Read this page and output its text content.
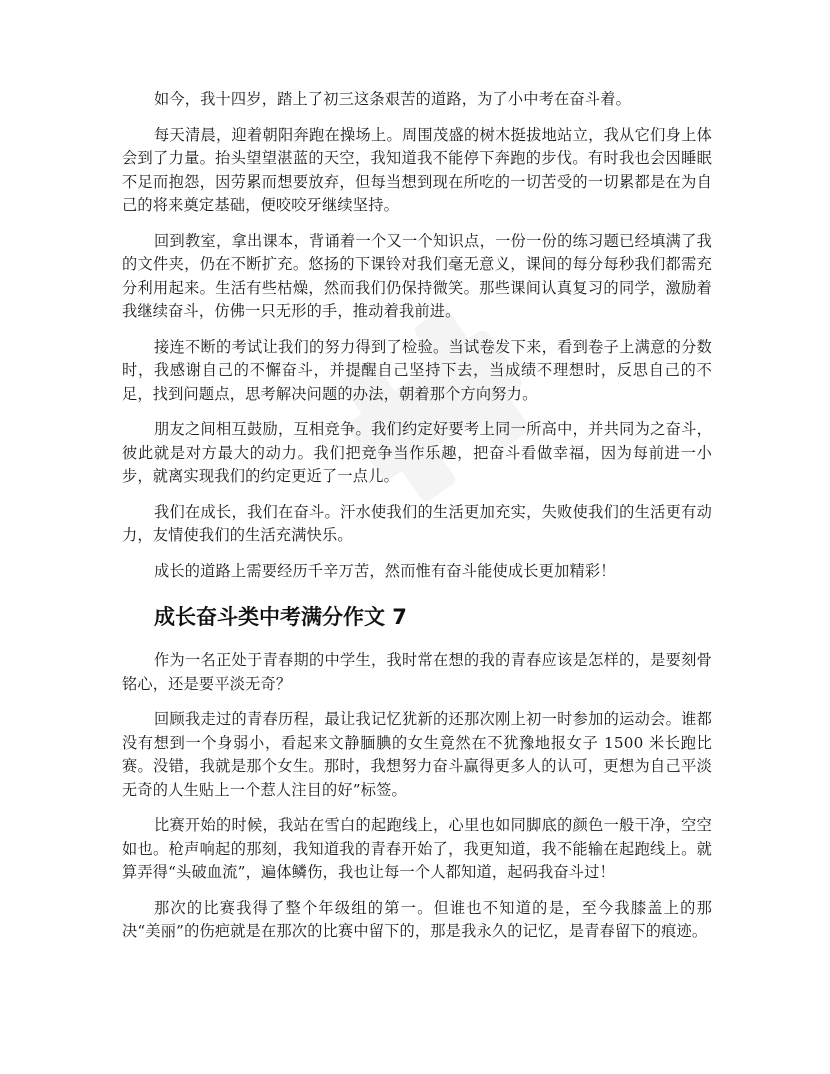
如今，我十四岁，踏上了初三这条艰苦的道路，为了小中考在奋斗着。

每天清晨，迎着朝阳奔跑在操场上。周围茂盛的树木挺拔地站立，我从它们身上体会到了力量。抬头望望湛蓝的天空，我知道我不能停下奔跑的步伐。有时我也会因睡眠不足而抱怨，因劳累而想要放弃，但每当想到现在所吃的一切苦受的一切累都是在为自己的将来奠定基础，便咬咬牙继续坚持。

回到教室，拿出课本，背诵着一个又一个知识点，一份一份的练习题已经填满了我的文件夹，仍在不断扩充。悠扬的下课铃对我们毫无意义，课间的每分每秒我们都需充分利用起来。生活有些枯燥，然而我们仍保持微笑。那些课间认真复习的同学，激励着我继续奋斗，仿佛一只无形的手，推动着我前进。

接连不断的考试让我们的努力得到了检验。当试卷发下来，看到卷子上满意的分数时，我感谢自己的不懈奋斗，并提醒自己坚持下去，当成绩不理想时，反思自己的不足，找到问题点，思考解决问题的办法，朝着那个方向努力。

朋友之间相互鼓励，互相竞争。我们约定好要考上同一所高中，并共同为之奋斗，彼此就是对方最大的动力。我们把竞争当作乐趣，把奋斗看做幸福，因为每前进一小步，就离实现我们的约定更近了一点儿。

我们在成长，我们在奋斗。汗水使我们的生活更加充实，失败使我们的生活更有动力，友情使我们的生活充满快乐。

成长的道路上需要经历千辛万苦，然而惟有奋斗能使成长更加精彩！

成长奋斗类中考满分作文 7

作为一名正处于青春期的中学生，我时常在想的我的青春应该是怎样的，是要刻骨铭心，还是要平淡无奇？

回顾我走过的青春历程，最让我记忆犹新的还那次刚上初一时参加的运动会。谁都没有想到一个身弱小，看起来文静腼腆的女生竟然在不犹豫地报女子 1500 米长跑比赛。没错，我就是那个女生。那时，我想努力奋斗赢得更多人的认可，更想为自己平淡无奇的人生贴上一个惹人注目的好”标签。

比赛开始的时候，我站在雪白的起跑线上，心里也如同脚底的颜色一般干净，空空如也。枪声响起的那刻，我知道我的青春开始了，我更知道，我不能输在起跑线上。就算弄得“头破血流”，遍体鳞伤，我也让每一个人都知道，起码我奋斗过！

那次的比赛我得了整个年级组的第一。但谁也不知道的是，至今我膝盖上的那决“美丽”的伤疤就是在那次的比赛中留下的，那是我永久的记忆，是青春留下的痕迹。
